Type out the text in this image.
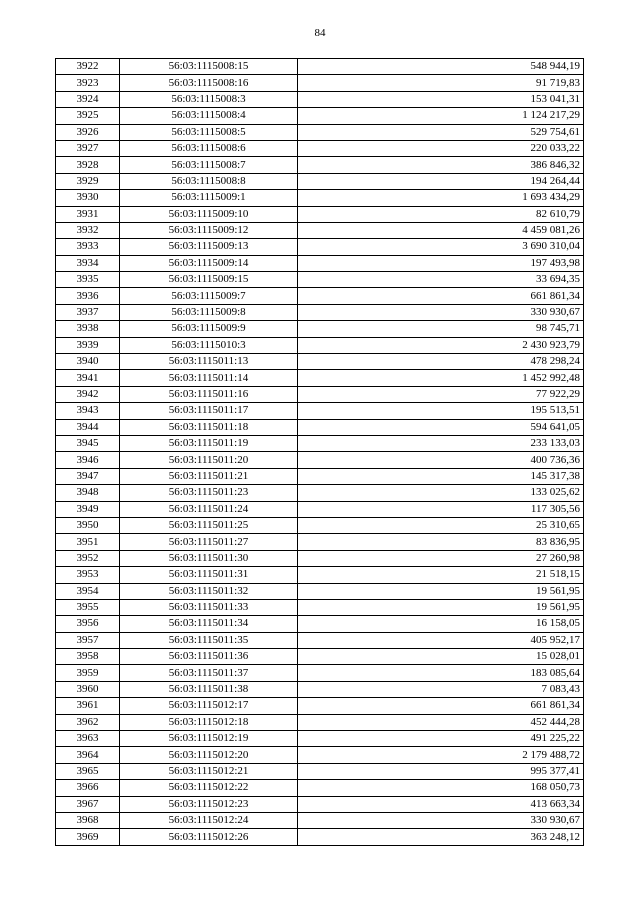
84
3922	56:03:1115008:15	548 944,19
3923	56:03:1115008:16	91 719,83
3924	56:03:1115008:3	153 041,31
3925	56:03:1115008:4	1 124 217,29
3926	56:03:1115008:5	529 754,61
3927	56:03:1115008:6	220 033,22
3928	56:03:1115008:7	386 846,32
3929	56:03:1115008:8	194 264,44
3930	56:03:1115009:1	1 693 434,29
3931	56:03:1115009:10	82 610,79
3932	56:03:1115009:12	4 459 081,26
3933	56:03:1115009:13	3 690 310,04
3934	56:03:1115009:14	197 493,98
3935	56:03:1115009:15	33 694,35
3936	56:03:1115009:7	661 861,34
3937	56:03:1115009:8	330 930,67
3938	56:03:1115009:9	98 745,71
3939	56:03:1115010:3	2 430 923,79
3940	56:03:1115011:13	478 298,24
3941	56:03:1115011:14	1 452 992,48
3942	56:03:1115011:16	77 922,29
3943	56:03:1115011:17	195 513,51
3944	56:03:1115011:18	594 641,05
3945	56:03:1115011:19	233 133,03
3946	56:03:1115011:20	400 736,36
3947	56:03:1115011:21	145 317,38
3948	56:03:1115011:23	133 025,62
3949	56:03:1115011:24	117 305,56
3950	56:03:1115011:25	25 310,65
3951	56:03:1115011:27	83 836,95
3952	56:03:1115011:30	27 260,98
3953	56:03:1115011:31	21 518,15
3954	56:03:1115011:32	19 561,95
3955	56:03:1115011:33	19 561,95
3956	56:03:1115011:34	16 158,05
3957	56:03:1115011:35	405 952,17
3958	56:03:1115011:36	15 028,01
3959	56:03:1115011:37	183 085,64
3960	56:03:1115011:38	7 083,43
3961	56:03:1115012:17	661 861,34
3962	56:03:1115012:18	452 444,28
3963	56:03:1115012:19	491 225,22
3964	56:03:1115012:20	2 179 488,72
3965	56:03:1115012:21	995 377,41
3966	56:03:1115012:22	168 050,73
3967	56:03:1115012:23	413 663,34
3968	56:03:1115012:24	330 930,67
3969	56:03:1115012:26	363 248,12
